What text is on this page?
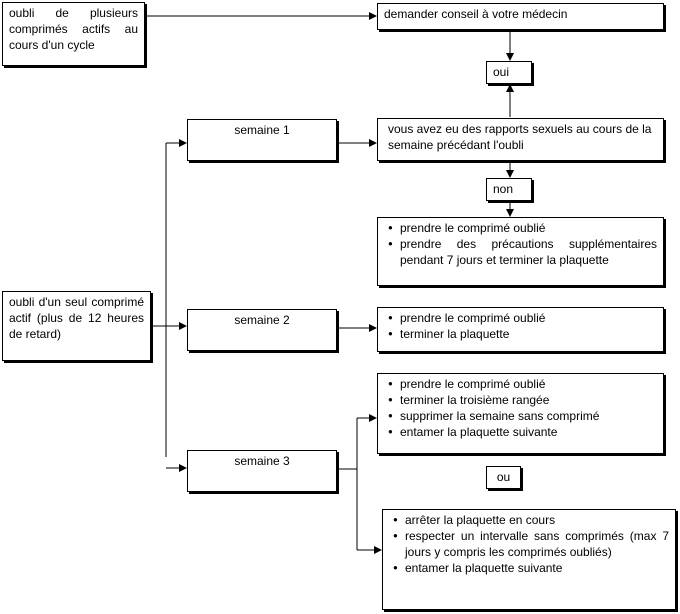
oubli de plusieurs comprimés actifs au cours d'un cycle
demander conseil à votre médecin
oui
semaine 1	vous avez eu des rapports sexuels au cours de la semaine précédant l'oubli
non
● prendre le comprimé oublié
● prendre des précautions supplémentaires pendant 7 jours et terminer la plaquette
oubli d'un seul comprimé actif (plus de 12 heures de retard)
semaine 2
●	prendre le comprimé oublié
● terminer la plaquette
● prendre le comprimé oublié
● terminer la troisième rangée
● supprimer la semaine sans comprimé
● entamer la plaquette suivante
semaine 3
ou
● arrêter la plaquette en cours
● respecter un intervalle sans comprimés (max 7 jours y compris les comprimés oubliés)
● entamer la plaquette suivante
